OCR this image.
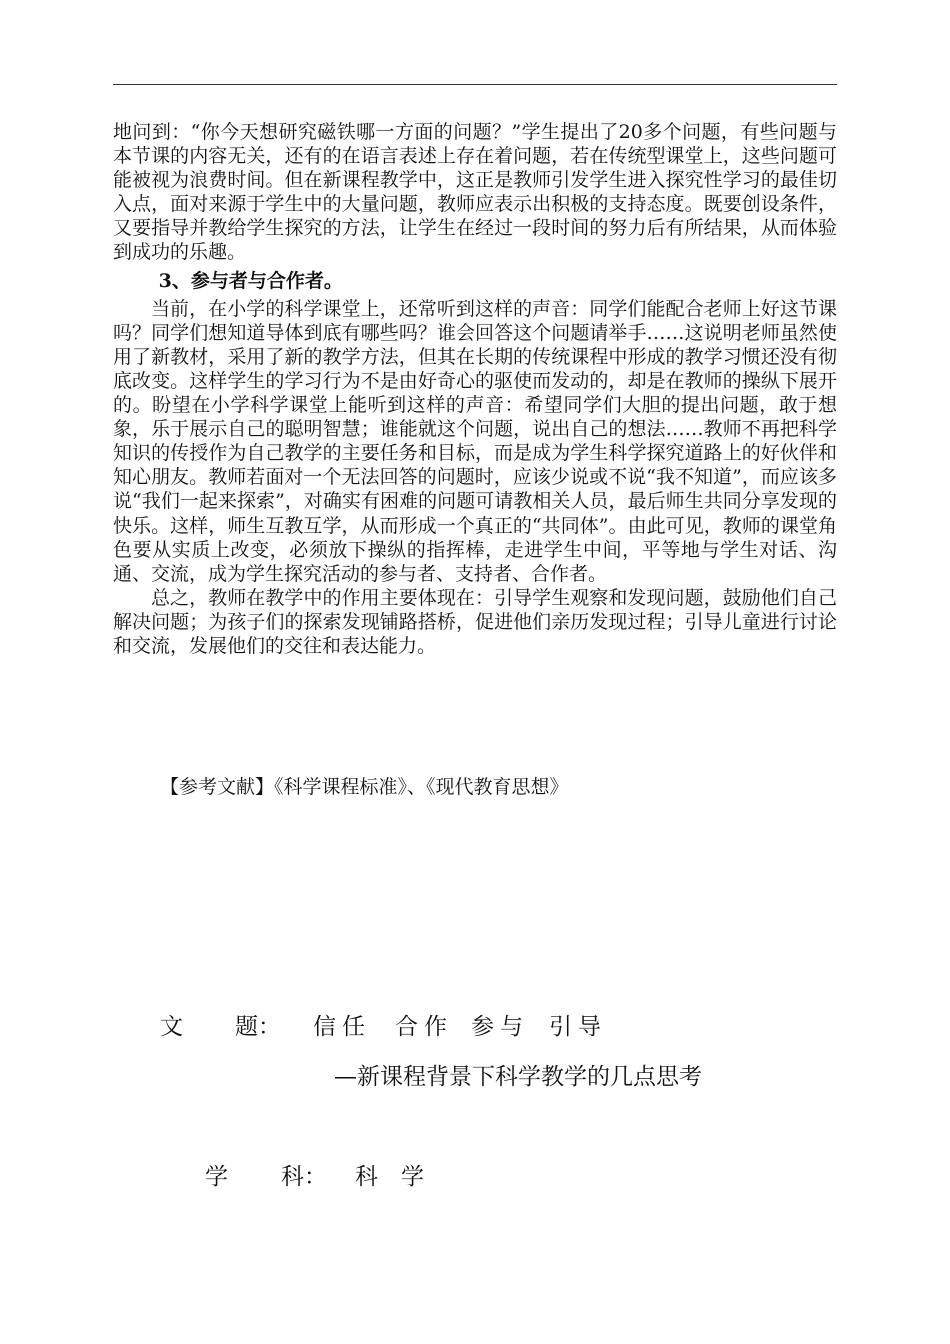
地问到：“你今天想研究磁铁哪一方面的问题？”学生提出了20多个问题，有些问题与本节课的内容无关，还有的在语言表述上存在着问题，若在传统型课堂上，这些问题可能被视为浪费时间。但在新课程教学中，这正是教师引发学生进入探究性学习的最佳切入点，面对来源于学生中的大量问题，教师应表示出积极的支持态度。既要创设条件，又要指导并教给学生探究的方法，让学生在经过一段时间的努力后有所结果，从而体验到成功的乐趣。

3、参与者与合作者。

当前，在小学的科学课堂上，还常听到这样的声音：同学们能配合老师上好这节课吗？同学们想知道导体到底有哪些吗？谁会回答这个问题请举手……这说明老师虽然使用了新教材，采用了新的教学方法，但其在长期的传统课程中形成的教学习惯还没有彻底改变。这样学生的学习行为不是由好奇心的驱使而发动的，却是在教师的操纵下展开的。盼望在小学科学课堂上能听到这样的声音：希望同学们大胆的提出问题，敢于想象，乐于展示自己的聪明智慧；谁能就这个问题，说出自己的想法……教师不再把科学知识的传授作为自己教学的主要任务和目标，而是成为学生科学探究道路上的好伙伴和知心朋友。教师若面对一个无法回答的问题时，应该少说或不说“我不知道”，而应该多说“我们一起来探索”，对确实有困难的问题可请教相关人员，最后师生共同分享发现的快乐。这样，师生互教互学，从而形成一个真正的“共同体”。由此可见，教师的课堂角色要从实质上改变，必须放下操纵的指挥棒，走进学生中间，平等地与学生对话、沟通、交流，成为学生探究活动的参与者、支持者、合作者。

总之，教师在教学中的作用主要体现在：引导学生观察和发现问题，鼓励他们自己解决问题；为孩子们的探索发现铺路搭桥，促进他们亲历发现过程；引导儿童进行讨论和交流，发展他们的交往和表达能力。

【参考文献】《科学课程标准》、《现代教育思想》
文 题： 信任 合作 参与 引导
—新课程背景下科学教学的几点思考
学 科： 科　学
